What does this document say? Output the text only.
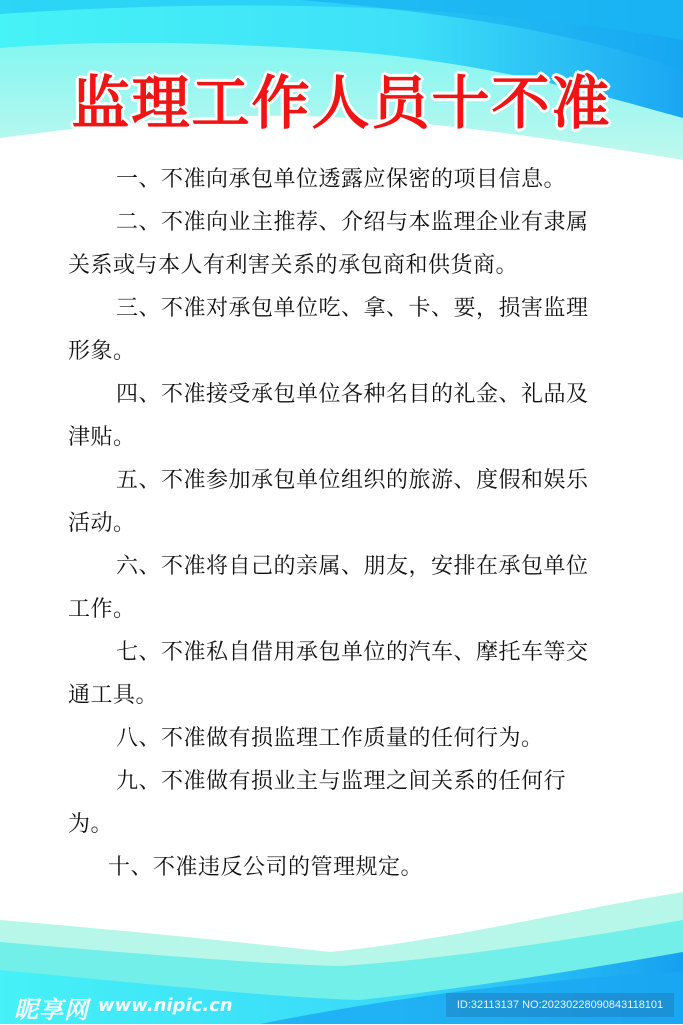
监理工作人员十不准

一、不准向承包单位透露应保密的项目信息。

二、不准向业主推荐、介绍与本监理企业有隶属关系或与本人有利害关系的承包商和供货商。

三、不准对承包单位吃、拿、卡、要，损害监理形象。

四、不准接受承包单位各种名目的礼金、礼品及津贴。

五、不准参加承包单位组织的旅游、度假和娱乐活动。

六、不准将自己的亲属、朋友，安排在承包单位工作。

七、不准私自借用承包单位的汽车、摩托车等交通工具。

八、不准做有损监理工作质量的任何行为。

九、不准做有损业主与监理之间关系的任何行为。

十、不准违反公司的管理规定。

昵享网 www.nipic.cn	ID:32113137 NO:20230228090843118101
